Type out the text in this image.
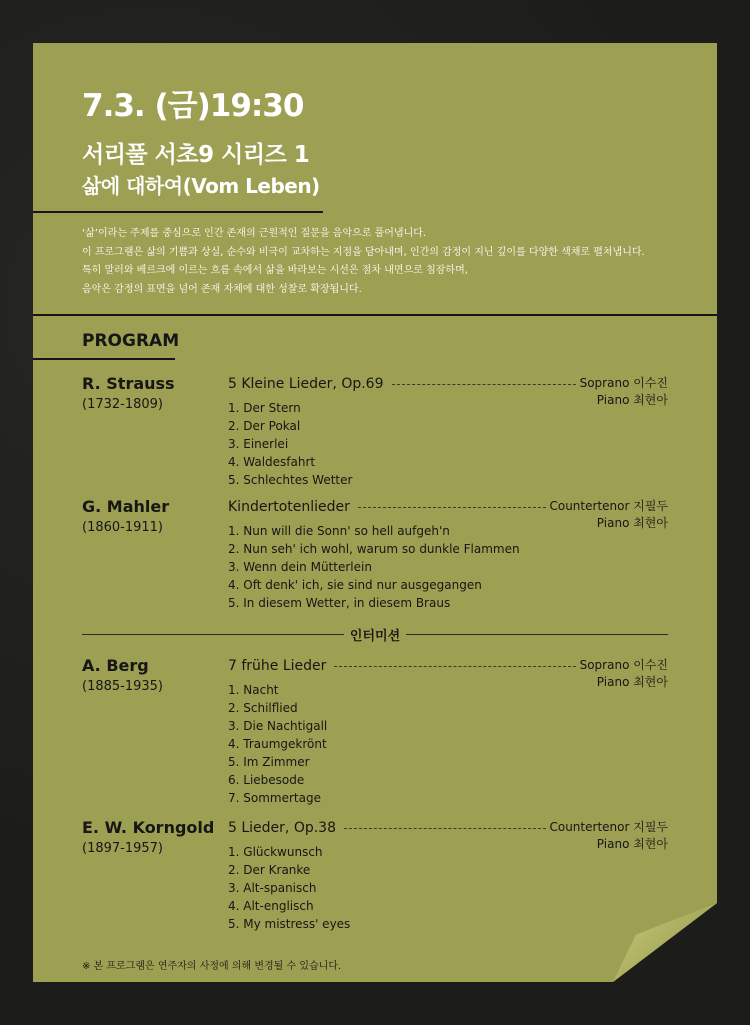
7.3. (금)19:30
서리풀 서초9 시리즈 1
삶에 대하여(Vom Leben)

‘삶’이라는 주제를 중심으로 인간 존재의 근원적인 질문을 음악으로 풀어냅니다.

이 프로그램은 삶의 기쁨과 상실, 순수와 비극이 교차하는 지점을 담아내며, 인간의 감정이 지닌 깊이를 다양한 색채로 펼쳐냅니다.

특히 말러와 베르크에 이르는 흐름 속에서 삶을 바라보는 시선은 점차 내면으로 침잠하며,

음악은 감정의 표면을 넘어 존재 자체에 대한 성찰로 확장됩니다.

PROGRAM
R. Strauss
(1732-1809)
5 Kleine Lieder, Op.69
1. Der Stern
2. Der Pokal
3. Einerlei
4. Waldesfahrt
5. Schlechtes Wetter
Soprano 이수진
Piano 최현아
G. Mahler
(1860-1911)
Kindertotenlieder
1. Nun will die Sonn' so hell aufgeh'n
2. Nun seh' ich wohl, warum so dunkle Flammen
3. Wenn dein Mütterlein
4. Oft denk' ich, sie sind nur ausgegangen
5. In diesem Wetter, in diesem Braus
Countertenor 지필두
Piano 최현아
인터미션
A. Berg
(1885-1935)
7 frühe Lieder
1. Nacht
2. Schilflied
3. Die Nachtigall
4. Traumgekrönt
5. Im Zimmer
6. Liebesode
7. Sommertage
Soprano 이수진
Piano 최현아
E. W. Korngold
(1897-1957)
5 Lieder, Op.38
1. Glückwunsch
2. Der Kranke
3. Alt-spanisch
4. Alt-englisch
5. My mistress' eyes
Countertenor 지필두
Piano 최현아

※ 본 프로그램은 연주자의 사정에 의해 변경될 수 있습니다.
